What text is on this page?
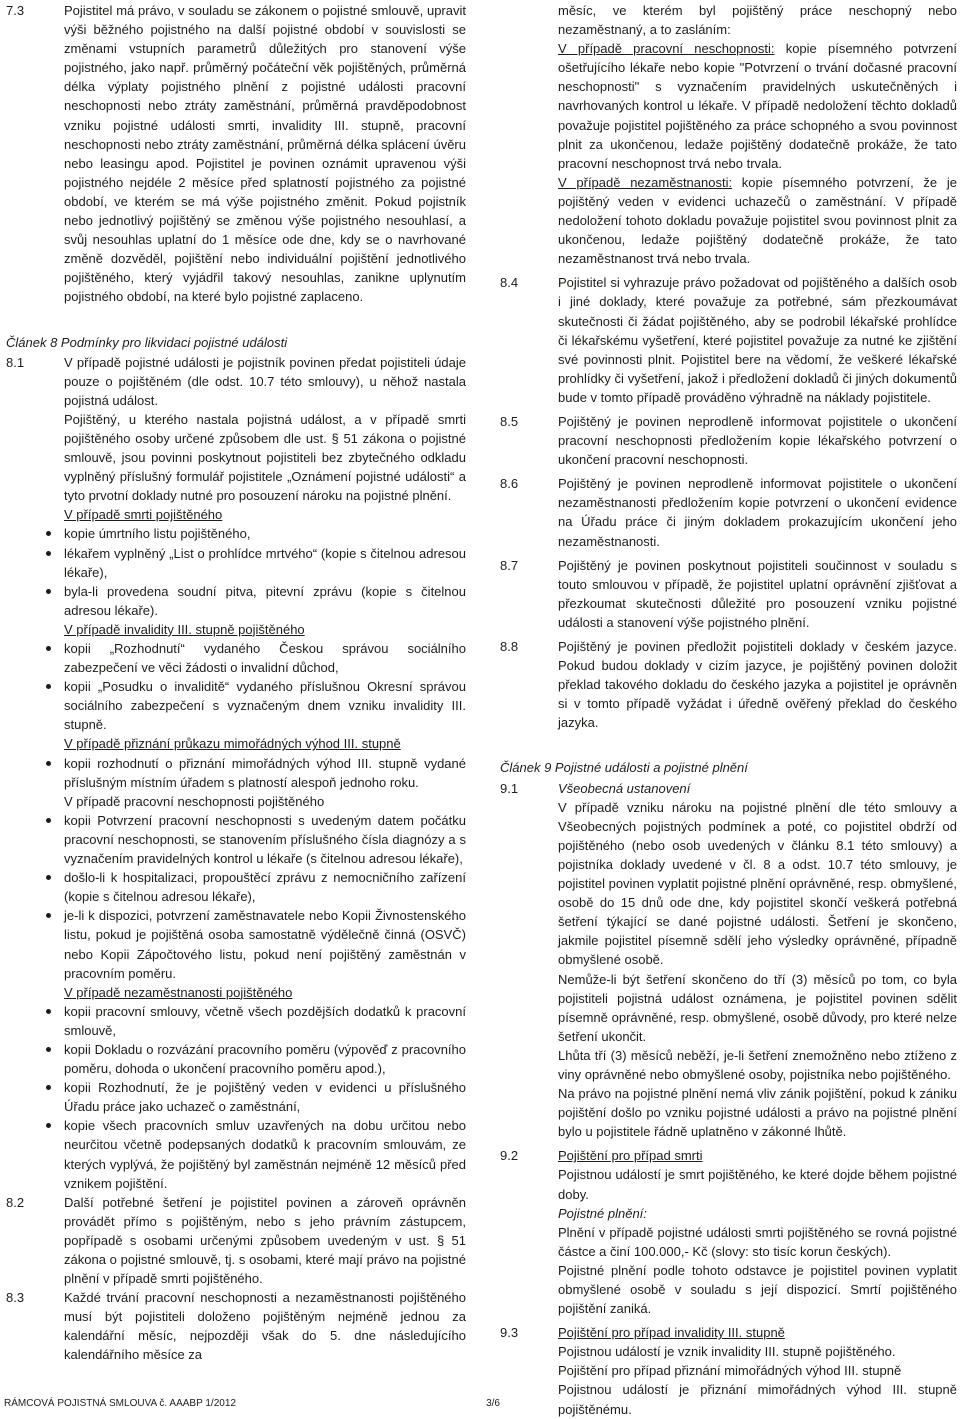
7.3	Pojistitel má právo, v souladu se zákonem o pojistné smlouvě, upravit výši běžného pojistného na další pojistné období v souvislosti se změnami vstupních parametrů důležitých pro stanovení výše pojistného, jako např. průměrný počáteční věk pojištěných, průměrná délka výplaty pojistného plnění z pojistné události pracovní neschopnosti nebo ztráty zaměstnání, průměrná pravděpodobnost vzniku pojistné události smrti, invalidity III. stupně, pracovní neschopnosti nebo ztráty zaměstnání, průměrná délka splácení úvěru nebo leasingu apod. Pojistitel je povinen oznámit upravenou výši pojistného nejdéle 2 měsíce před splatností pojistného za pojistné období, ve kterém se má výše pojistného změnit. Pokud pojistník nebo jednotlivý pojištěný se změnou výše pojistného nesouhlasí, a svůj nesouhlas uplatní do 1 měsíce ode dne, kdy se o navrhované změně dozvěděl, pojištění nebo individuální pojištění jednotlivého pojištěného, který vyjádřil takový nesouhlas, zanikne uplynutím pojistného období, na které bylo pojistné zaplaceno.
Článek 8 Podmínky pro likvidaci pojistné události
8.1	V případě pojistné události je pojistník povinen předat pojistiteli údaje pouze o pojištěném (dle odst. 10.7 této smlouvy), u něhož nastala pojistná událost.
Pojištěný, u kterého nastala pojistná událost, a v případě smrti pojištěného osoby určené způsobem dle ust. § 51 zákona o pojistné smlouvě, jsou povinni poskytnout pojistiteli bez zbytečného odkladu vyplněný příslušný formulář pojistitele „Oznámení pojistné události“ a tyto prvotní doklady nutné pro posouzení nároku na pojistné plnění.
V případě smrti pojištěného
kopie úmrtního listu pojištěného,
lékařem vyplněný „List o prohlídce mrtvého“ (kopie s čitelnou adresou lékaře),
byla-li provedena soudní pitva, pitevní zprávu (kopie s čitelnou adresou lékaře).
V případě invalidity III. stupně pojištěného
kopii „Rozhodnutí“ vydaného Českou správou sociálního zabezpečení ve věci žádosti o invalidní důchod,
kopii „Posudku o invaliditě“ vydaného příslušnou Okresní správou sociálního zabezpečení s vyznačeným dnem vzniku invalidity III. stupně.
V případě přiznání průkazu mimořádných výhod III. stupně
kopii rozhodnutí o přiznání mimořádných výhod III. stupně vydané příslušným místním úřadem s platností alespoň jednoho roku.
V případě pracovní neschopnosti pojištěného
kopii Potvrzení pracovní neschopnosti s uvedeným datem počátku pracovní neschopnosti, se stanovením příslušného čísla diagnózy a s vyznačením pravidelných kontrol u lékaře (s čitelnou adresou lékaře),
došlo-li k hospitalizaci, propouštěcí zprávu z nemocničního zařízení (kopie s čitelnou adresou lékaře),
je-li k dispozici, potvrzení zaměstnavatele nebo Kopii Živnostenského listu, pokud je pojištěná osoba samostatně výdělečně činná (OSVČ) nebo Kopii Zápočtového listu, pokud není pojištěný zaměstnán v pracovním poměru.
V případě nezaměstnanosti pojištěného
kopii pracovní smlouvy, včetně všech pozdějších dodatků k pracovní smlouvě,
kopii Dokladu o rozvázání pracovního poměru (výpověď z pracovního poměru, dohoda o ukončení pracovního poměru apod.),
kopii Rozhodnutí, že je pojištěný veden v evidenci u příslušného Úřadu práce jako uchazeč o zaměstnání,
kopie všech pracovních smluv uzavřených na dobu určitou nebo neurčitou včetně podepsaných dodatků k pracovním smlouvám, ze kterých vyplývá, že pojištěný byl zaměstnán nejméně 12 měsíců před vznikem pojištění.
8.2	Další potřebné šetření je pojistitel povinen a zároveň oprávněn provádět přímo s pojištěným, nebo s jeho právním zástupcem, popřípadě s osobami určenými způsobem uvedeným v ust. § 51 zákona o pojistné smlouvě, tj. s osobami, které mají právo na pojistné plnění v případě smrti pojištěného.
8.3	Každé trvání pracovní neschopnosti a nezaměstnanosti pojištěného musí být pojistiteli doloženo pojištěným nejméně jednou za kalendářní měsíc, nejpozději však do 5. dne následujícího kalendářního měsíce za
měsíc, ve kterém byl pojištěný práce neschopný nebo nezaměstnaný, a to zasláním:
V případě pracovní neschopnosti: kopie písemného potvrzení ošetřujícího lékaře nebo kopie "Potvrzení o trvání dočasné pracovní neschopnosti" s vyznačením pravidelných uskutečněných i navrhovaných kontrol u lékaře. V případě nedoložení těchto dokladů považuje pojistitel pojištěného za práce schopného a svou povinnost plnit za ukončenou, ledaže pojištěný dodatečně prokáže, že tato pracovní neschopnost trvá nebo trvala.
V případě nezaměstnanosti: kopie písemného potvrzení, že je pojištěný veden v evidenci uchazečů o zaměstnání. V případě nedoložení tohoto dokladu považuje pojistitel svou povinnost plnit za ukončenou, ledaže pojištěný dodatečně prokáže, že tato nezaměstnanost trvá nebo trvala.
8.4	Pojistitel si vyhrazuje právo požadovat od pojištěného a dalších osob i jiné doklady, které považuje za potřebné, sám přezkoumávat skutečnosti či žádat pojištěného, aby se podrobil lékařské prohlídce či lékařskému vyšetření, které pojistitel považuje za nutné ke zjištění své povinnosti plnit. Pojistitel bere na vědomí, že veškeré lékařské prohlídky či vyšetření, jakož i předložení dokladů či jiných dokumentů bude v tomto případě prováděno výhradně na náklady pojistitele.
8.5	Pojištěný je povinen neprodleně informovat pojistitele o ukončení pracovní neschopnosti předložením kopie lékařského potvrzení o ukončení pracovní neschopnosti.
8.6	Pojištěný je povinen neprodleně informovat pojistitele o ukončení nezaměstnanosti předložením kopie potvrzení o ukončení evidence na Úřadu práce či jiným dokladem prokazujícím ukončení jeho nezaměstnanosti.
8.7	Pojištěný je povinen poskytnout pojistiteli součinnost v souladu s touto smlouvou v případě, že pojistitel uplatní oprávnění zjišťovat a přezkoumat skutečnosti důležité pro posouzení vzniku pojistné události a stanovení výše pojistného plnění.
8.8	Pojištěný je povinen předložit pojistiteli doklady v českém jazyce. Pokud budou doklady v cizím jazyce, je pojištěný povinen doložit překlad takového dokladu do českého jazyka a pojistitel je oprávněn si v tomto případě vyžádat i úředně ověřený překlad do českého jazyka.
Článek 9 Pojistné události a pojistné plnění
9.1	Všeobecná ustanovení
V případě vzniku nároku na pojistné plnění dle této smlouvy a Všeobecných pojistných podmínek a poté, co pojistitel obdrží od pojištěného (nebo osob uvedených v článku 8.1 této smlouvy) a pojistníka doklady uvedené v čl. 8 a odst. 10.7 této smlouvy, je pojistitel povinen vyplatit pojistné plnění oprávněné, resp. obmyšlené, osobě do 15 dnů ode dne, kdy pojistitel skončí veškerá potřebná šetření týkající se dané pojistné události. Šetření je skončeno, jakmile pojistitel písemně sdělí jeho výsledky oprávněné, případně obmyšlené osobě.
Nemůže-li být šetření skončeno do tří (3) měsíců po tom, co byla pojistiteli pojistná událost oznámena, je pojistitel povinen sdělit písemně oprávněné, resp. obmyšlené, osobě důvody, pro které nelze šetření ukončit.
Lhůta tří (3) měsíců neběží, je-li šetření znemožněno nebo ztíženo z viny oprávněné nebo obmyšlené osoby, pojistníka nebo pojištěného.
Na právo na pojistné plnění nemá vliv zánik pojištění, pokud k zániku pojištění došlo po vzniku pojistné události a právo na pojistné plnění bylo u pojistitele řádně uplatněno v zákonné lhůtě.
9.2	Pojištění pro případ smrti
Pojistnou událostí je smrt pojištěného, ke které dojde během pojistné doby.
Pojistné plnění:
Plnění v případě pojistné události smrti pojištěného se rovná pojistné částce a činí 100.000,- Kč (slovy: sto tisíc korun českých).
Pojistné plnění podle tohoto odstavce je pojistitel povinen vyplatit obmyšlené osobě v souladu s její dispozicí. Smrtí pojištěného pojištění zaniká.
9.3	Pojištění pro případ invalidity III. stupně
Pojistnou událostí je vznik invalidity III. stupně pojištěného.
Pojištění pro případ přiznání mimořádných výhod III. stupně
Pojistnou událostí je přiznání mimořádných výhod III. stupně pojištěnému.
RÁMCOVÁ POJISTNÁ SMLOUVA č. AAABP 1/2012	3/6
